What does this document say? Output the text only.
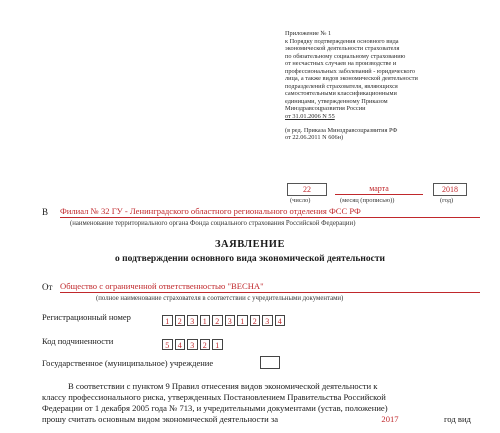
Приложение № 1
к Порядку подтверждения основного вида
экономической деятельности страхователя
по обязательному социальному страхованию
от несчастных случаев на производстве и
профессиональных заболеваний - юридического
лица, а также видов экономической деятельности
подразделений страхователя, являющихся
самостоятельными классификационными
единицами, утвержденному Приказом
Минздравсоцразвития России
от 31.01.2006 N 55
(в ред. Приказа Минздравсоцразвития РФ
от 22.06.2011 N 606н)
22	марта	2018
(число)	(месяц (прописью))	(год)
В Филиал № 32 ГУ - Ленинградского областного регионального отделения ФСС РФ
(наименование территориального органа Фонда социального страхования Российской Федерации)
ЗАЯВЛЕНИЕ
о подтверждении основного вида экономической деятельности
От Общество с ограниченной ответственностью "ВЕСНА"
(полное наименование страхователя в соответствии с учредительными документами)
Регистрационный номер	1 2 3 1 2 3 1 2 3 4
Код подчиненности	5 4 3 2 1
Государственное (муниципальное) учреждение
В соответствии с пунктом 9 Правил отнесения видов экономической деятельности к
классу профессионального риска, утвержденных Постановлением Правительства Российской
Федерации от 1 декабря 2005 года № 713, и учредительными документами (устав, положение)
прошу считать основным видом экономической деятельности за	2017	год вид
